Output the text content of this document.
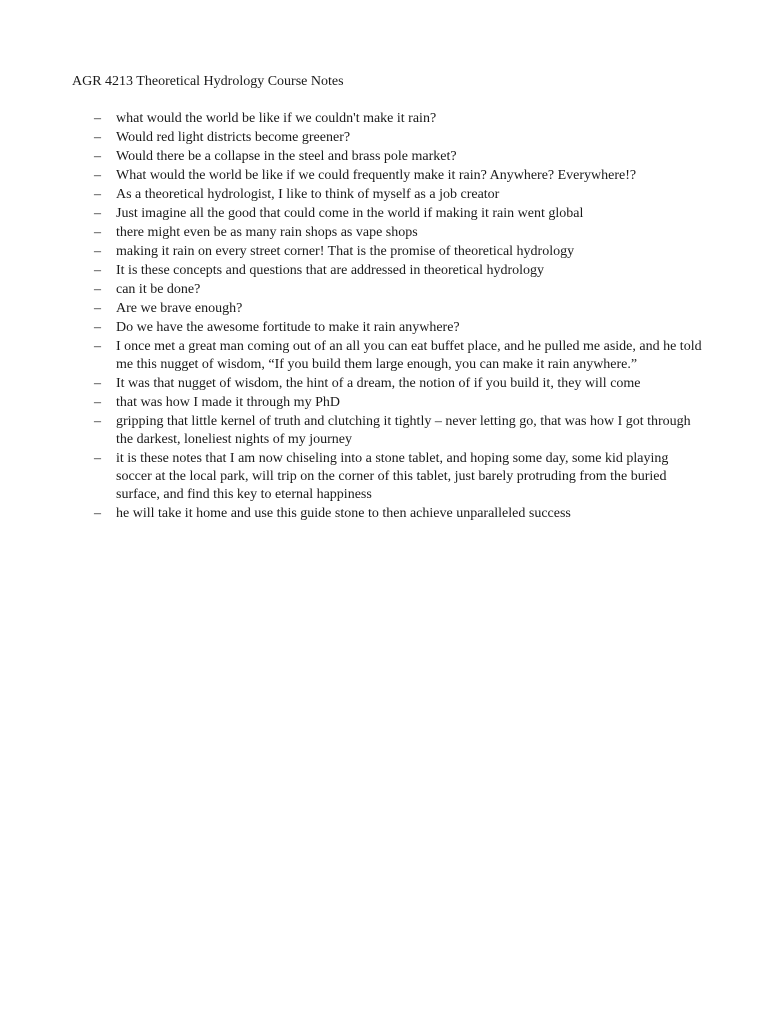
AGR 4213 Theoretical Hydrology Course Notes
–	what would the world be like if we couldn't make it rain?
–	Would red light districts become greener?
–	Would there be a collapse in the steel and brass pole market?
–	What would the world be like if we could frequently make it rain? Anywhere? Everywhere!?
–	As a theoretical hydrologist, I like to think of myself as a job creator
–	Just imagine all the good that could come in the world if making it rain went global
–	there might even be as many rain shops as vape shops
–	making it rain on every street corner! That is the promise of theoretical hydrology
–	It is these concepts and questions that are addressed in theoretical hydrology
–	can it be done?
–	Are we brave enough?
–	Do we have the awesome fortitude to make it rain anywhere?
–	I once met a great man coming out of an all you can eat buffet place, and he pulled me aside, and he told me this nugget of wisdom, “If you build them large enough, you can make it rain anywhere.”
–	It was that nugget of wisdom, the hint of a dream, the notion of if you build it, they will come
–	that was how I made it through my PhD
–	gripping that little kernel of truth and clutching it tightly – never letting go, that was how I got through the darkest, loneliest nights of my journey
–	it is these notes that I am now chiseling into a stone tablet, and hoping some day, some kid playing soccer at the local park, will trip on the corner of this tablet, just barely protruding from the buried surface, and find this key to eternal happiness
–	he will take it home and use this guide stone to then achieve unparalleled success
